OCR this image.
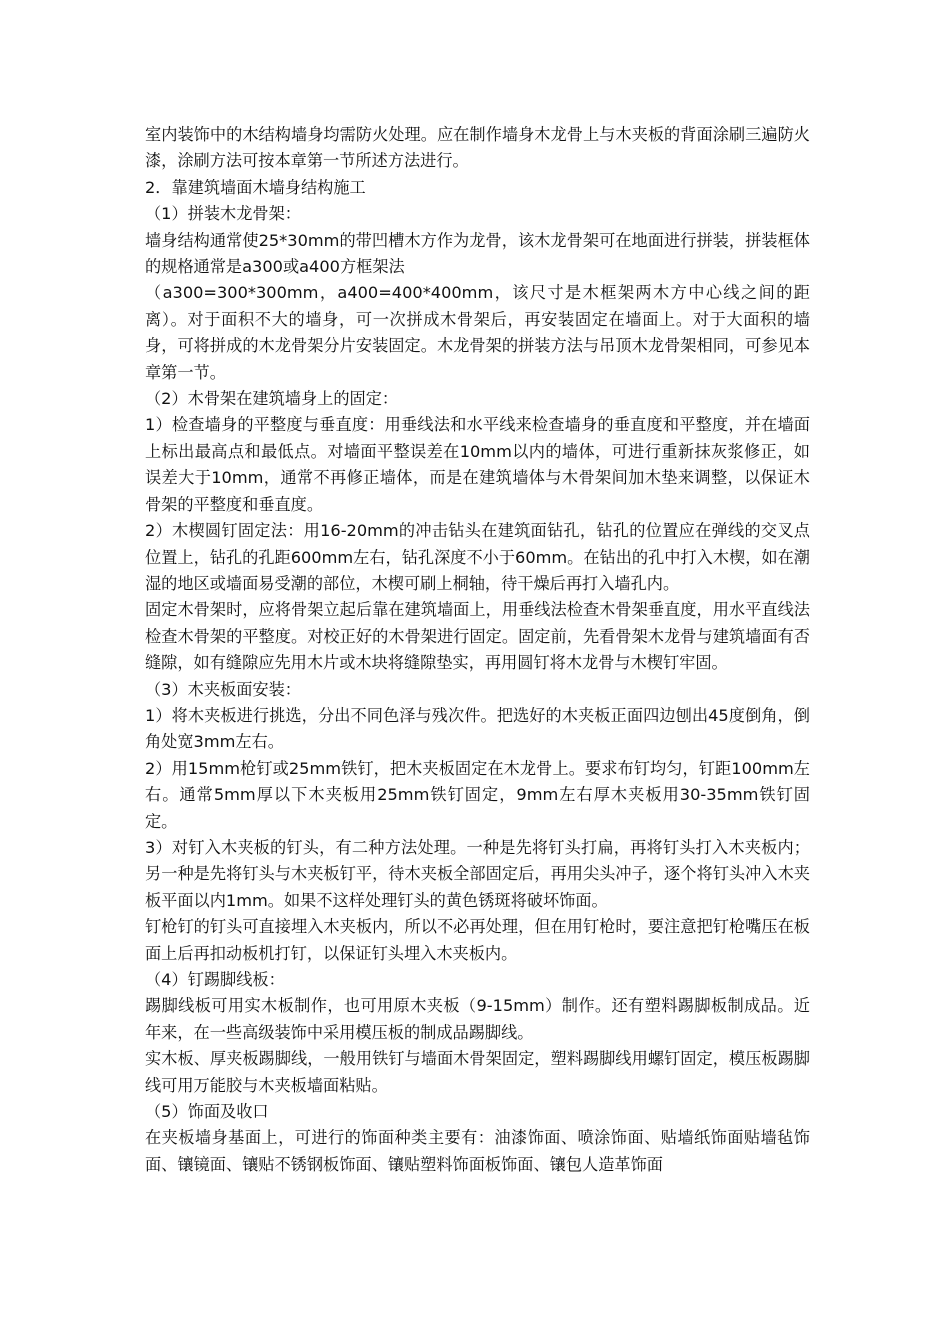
室内装饰中的木结构墙身均需防火处理。应在制作墙身木龙骨上与木夹板的背面涂刷三遍防火漆，涂刷方法可按本章第一节所述方法进行。

2．靠建筑墙面木墙身结构施工

（1）拼装木龙骨架：

墙身结构通常使25*30mm的带凹槽木方作为龙骨，该木龙骨架可在地面进行拼装，拼装框体的规格通常是a300或a400方框架法

（a300=300*300mm，a400=400*400mm，该尺寸是木框架两木方中心线之间的距离）。对于面积不大的墙身，可一次拼成木骨架后，再安装固定在墙面上。对于大面积的墙身，可将拼成的木龙骨架分片安装固定。木龙骨架的拼装方法与吊顶木龙骨架相同，可参见本章第一节。

（2）木骨架在建筑墙身上的固定：

1）检查墙身的平整度与垂直度：用垂线法和水平线来检查墙身的垂直度和平整度，并在墙面上标出最高点和最低点。对墙面平整误差在10mm以内的墙体，可进行重新抹灰浆修正，如误差大于10mm，通常不再修正墙体，而是在建筑墙体与木骨架间加木垫来调整，以保证木骨架的平整度和垂直度。

2）木楔圆钉固定法：用16-20mm的冲击钻头在建筑面钻孔，钻孔的位置应在弹线的交叉点位置上，钻孔的孔距600mm左右，钻孔深度不小于60mm。在钻出的孔中打入木楔，如在潮湿的地区或墙面易受潮的部位，木楔可刷上桐轴，待干燥后再打入墙孔内。

固定木骨架时，应将骨架立起后靠在建筑墙面上，用垂线法检查木骨架垂直度，用水平直线法检查木骨架的平整度。对校正好的木骨架进行固定。固定前，先看骨架木龙骨与建筑墙面有否缝隙，如有缝隙应先用木片或木块将缝隙垫实，再用圆钉将木龙骨与木楔钉牢固。

（3）木夹板面安装：

1）将木夹板进行挑选，分出不同色泽与残次件。把选好的木夹板正面四边刨出45度倒角，倒角处宽3mm左右。

2）用15mm枪钉或25mm铁钉，把木夹板固定在木龙骨上。要求布钉均匀，钉距100mm左右。通常5mm厚以下木夹板用25mm铁钉固定，9mm左右厚木夹板用30-35mm铁钉固定。

3）对钉入木夹板的钉头，有二种方法处理。一种是先将钉头打扁，再将钉头打入木夹板内；另一种是先将钉头与木夹板钉平，待木夹板全部固定后，再用尖头冲子，逐个将钉头冲入木夹板平面以内1mm。如果不这样处理钉头的黄色锈斑将破坏饰面。

钉枪钉的钉头可直接埋入木夹板内，所以不必再处理，但在用钉枪时，要注意把钉枪嘴压在板面上后再扣动板机打钉，以保证钉头埋入木夹板内。

（4）钉踢脚线板：

踢脚线板可用实木板制作，也可用原木夹板（9-15mm）制作。还有塑料踢脚板制成品。近年来，在一些高级装饰中采用模压板的制成品踢脚线。

实木板、厚夹板踢脚线，一般用铁钉与墙面木骨架固定，塑料踢脚线用螺钉固定，模压板踢脚线可用万能胶与木夹板墙面粘贴。

（5）饰面及收口

在夹板墙身基面上，可进行的饰面种类主要有：油漆饰面、喷涂饰面、贴墙纸饰面贴墙毡饰面、镶镜面、镶贴不锈钢板饰面、镶贴塑料饰面板饰面、镶包人造革饰面
